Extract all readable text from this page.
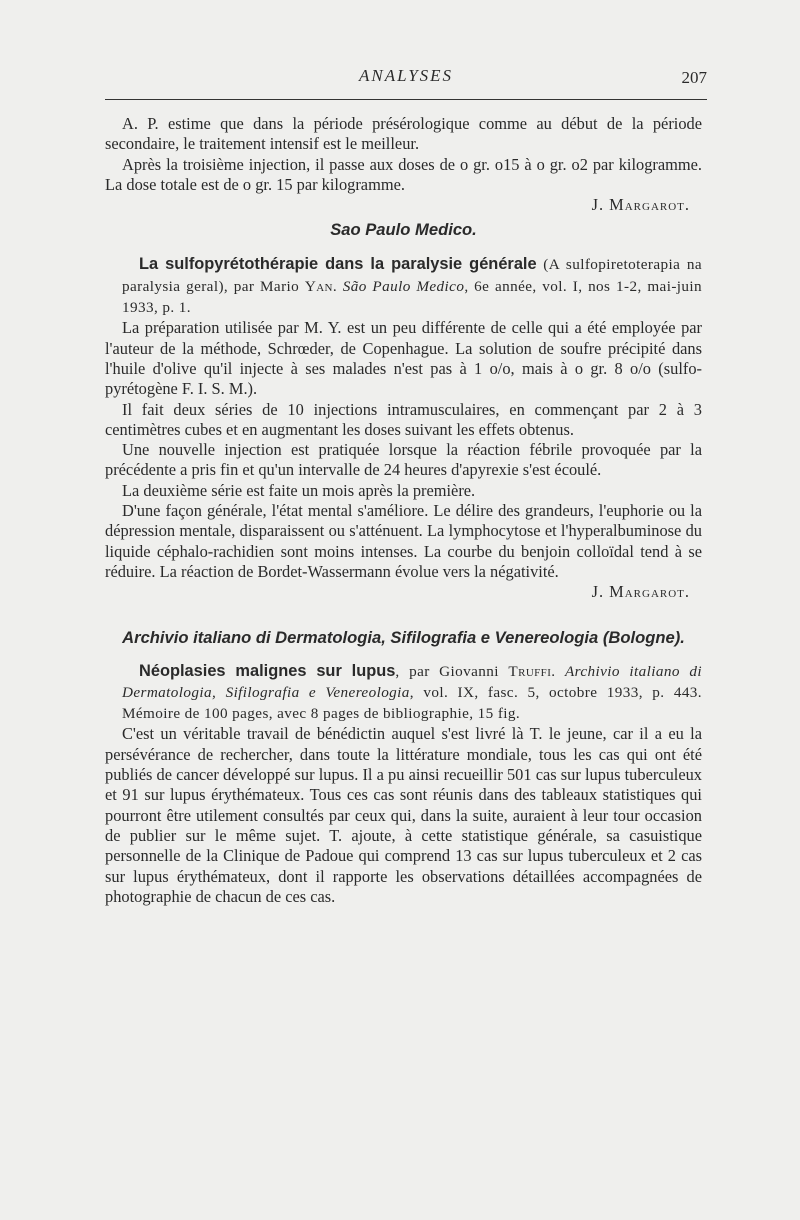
ANALYSES	207

A. P. estime que dans la période présérologique comme au début de la période secondaire, le traitement intensif est le meilleur.

Après la troisième injection, il passe aux doses de o gr. o15 à o gr. o2 par kilogramme. La dose totale est de o gr. 15 par kilogramme.

J. Margarot.

Sao Paulo Medico.

La sulfopyrétothérapie dans la paralysie générale (A sulfopiretoterapia na paralysia geral), par Mario Yan. São Paulo Medico, 6e année, vol. I, nos 1-2, mai-juin 1933, p. 1.

La préparation utilisée par M. Y. est un peu différente de celle qui a été employée par l'auteur de la méthode, Schrœder, de Copenhague. La solution de soufre précipité dans l'huile d'olive qu'il injecte à ses malades n'est pas à 1 o/o, mais à o gr. 8 o/o (sulfo-pyrétogène F. I. S. M.).

Il fait deux séries de 10 injections intramusculaires, en commençant par 2 à 3 centimètres cubes et en augmentant les doses suivant les effets obtenus.

Une nouvelle injection est pratiquée lorsque la réaction fébrile provoquée par la précédente a pris fin et qu'un intervalle de 24 heures d'apyrexie s'est écoulé.

La deuxième série est faite un mois après la première.

D'une façon générale, l'état mental s'améliore. Le délire des grandeurs, l'euphorie ou la dépression mentale, disparaissent ou s'atténuent. La lymphocytose et l'hyperalbuminose du liquide céphalo-rachidien sont moins intenses. La courbe du benjoin colloïdal tend à se réduire. La réaction de Bordet-Wassermann évolue vers la négativité.

J. Margarot.

Archivio italiano di Dermatologia, Sifilografia e Venereologia (Bologne).

Néoplasies malignes sur lupus, par Giovanni Truffi. Archivio italiano di Dermatologia, Sifilografia e Venereologia, vol. IX, fasc. 5, octobre 1933, p. 443. Mémoire de 100 pages, avec 8 pages de bibliographie, 15 fig.

C'est un véritable travail de bénédictin auquel s'est livré là T. le jeune, car il a eu la persévérance de rechercher, dans toute la littérature mondiale, tous les cas qui ont été publiés de cancer développé sur lupus. Il a pu ainsi recueillir 501 cas sur lupus tuberculeux et 91 sur lupus érythémateux. Tous ces cas sont réunis dans des tableaux statistiques qui pourront être utilement consultés par ceux qui, dans la suite, auraient à leur tour occasion de publier sur le même sujet. T. ajoute, à cette statistique générale, sa casuistique personnelle de la Clinique de Padoue qui comprend 13 cas sur lupus tuberculeux et 2 cas sur lupus érythémateux, dont il rapporte les observations détaillées accompagnées de photographie de chacun de ces cas.
